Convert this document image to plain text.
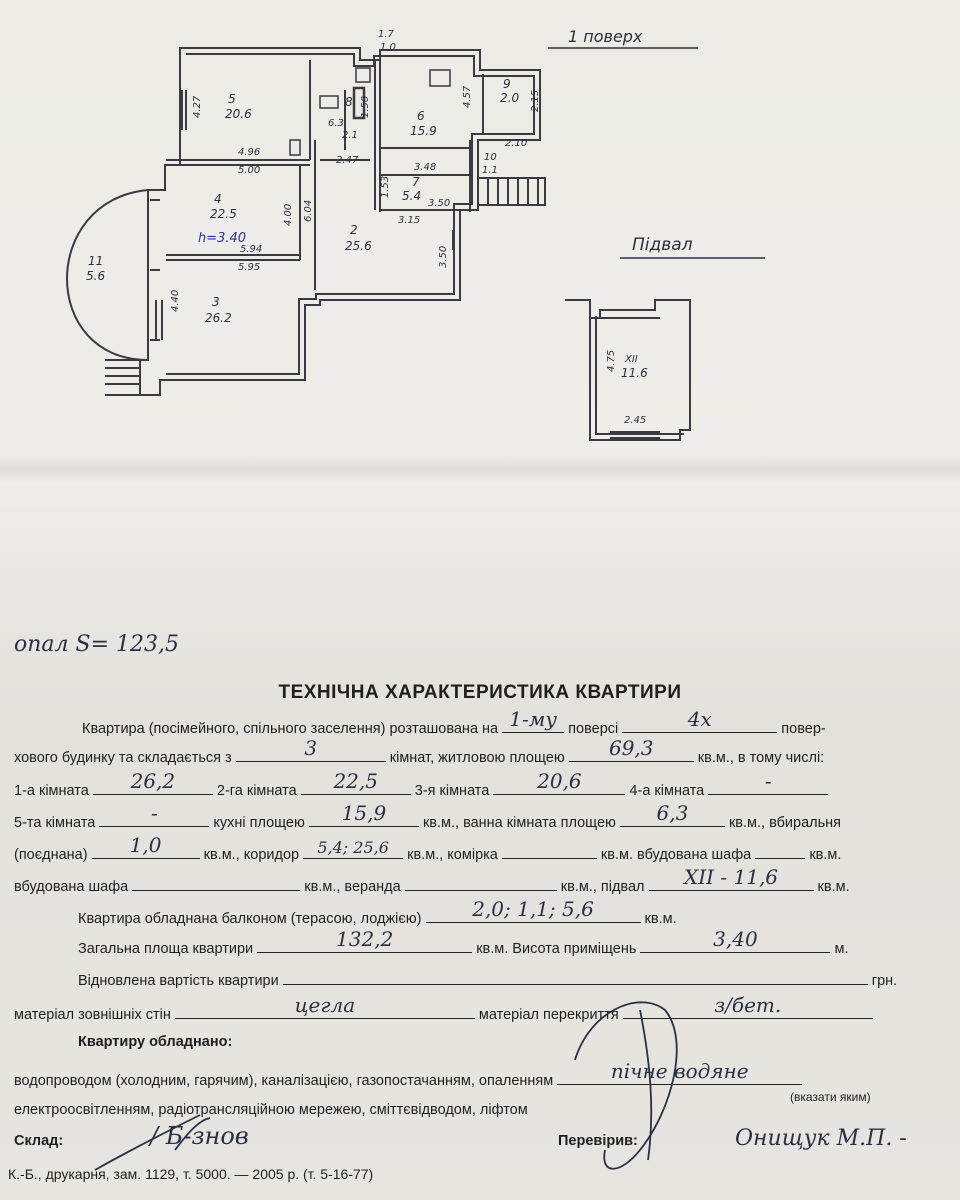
1 поверх
Підвал
5
20.6
8
6
15.9
9
2.0
10
7
5.4
4
22.5
2
25.6
11
5.6
3
26.2
XII
11.6
h=3.40
1.7
1.0
6.3
2.1
2.47
1.53
4.27
4.96
5.00
6.04
4.00
5.94
5.95
4.40
3.48
3.50
3.15
3.50
2.15
2.10
1.1
4.57
4.75
2.45
1.50
опал S= 123,5
ТЕХНІЧНА ХАРАКТЕРИСТИКА КВАРТИРИ
Квартира (посімейного, спільного заселення) розташована на 1-му поверсі	4х	повер-
хового будинку та складається з	3	кімнат, житловою площею	69,3	кв.м., в тому числі:
1-а кімната	26,2	2-га кімната	22,5	3-я кімната	20,6	4-а кімната	-
5-та кімната	-	кухні площею	15,9	кв.м., ванна кімната площею	6,3	кв.м., вбиральня
(поєднана)	1,0	кв.м., коридор	5,4; 25,6	кв.м., комірка	кв.м. вбудована шафа	кв.м.
вбудована шафа	кв.м., веранда	кв.м., підвал	XII - 11,6	кв.м.
Квартира обладнана балконом (терасою, лоджією)	2,0; 1,1; 5,6	кв.м.
Загальна площа квартири	132,2	кв.м. Висота приміщень	3,40	м.
Відновлена вартість квартири	грн.
матеріал зовнішніх стін	цегла	матеріал перекриття	з/бет.
Квартиру обладнано:
водопроводом (холодним, гарячим), каналізацією, газопостачанням, опаленням	пічне водяне
електроосвітленням, радіотрансляційною мережею, сміттєвідводом, ліфтом
(вказати яким)
Склад:	/ Б-знов	Перевірив:	Онищук М.П. -
К.-Б., друкарня, зам. 1129, т. 5000. — 2005 р. (т. 5-16-77)
